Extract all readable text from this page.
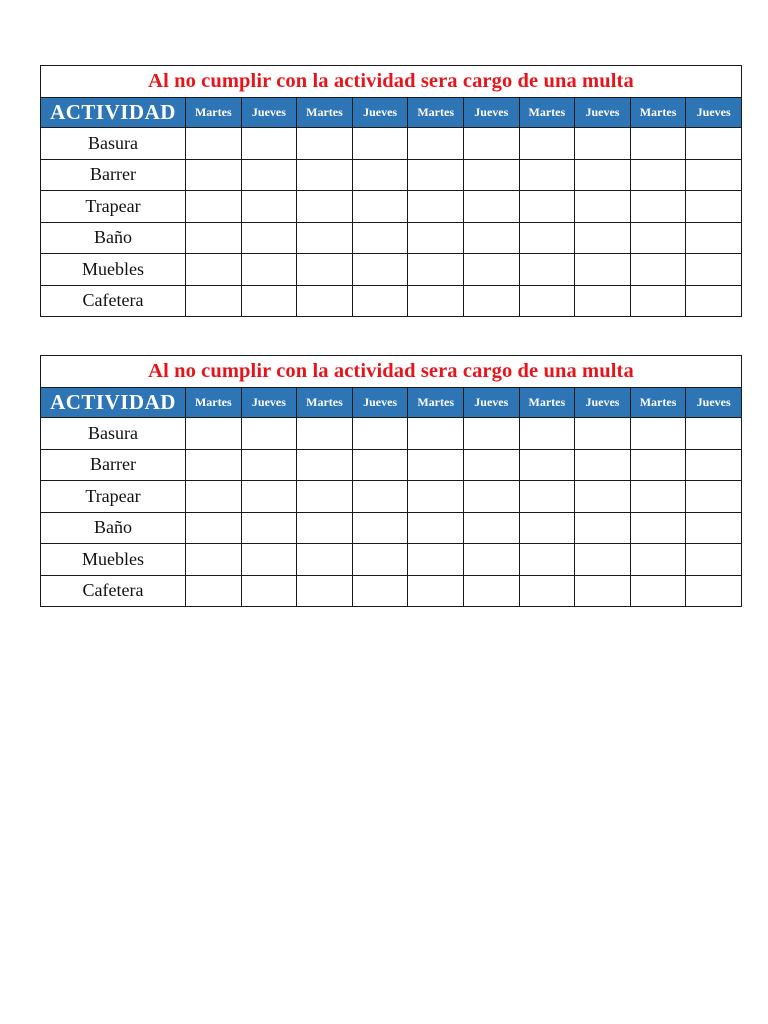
Al no cumplir con la actividad sera cargo de una multa										
ACTIVIDAD	Martes	Jueves	Martes	Jueves	Martes	Jueves	Martes	Jueves	Martes	Jueves
Basura										
Barrer										
Trapear										
Baño										
Muebles										
Cafetera										
Al no cumplir con la actividad sera cargo de una multa										
ACTIVIDAD	Martes	Jueves	Martes	Jueves	Martes	Jueves	Martes	Jueves	Martes	Jueves
Basura										
Barrer										
Trapear										
Baño										
Muebles										
Cafetera										
